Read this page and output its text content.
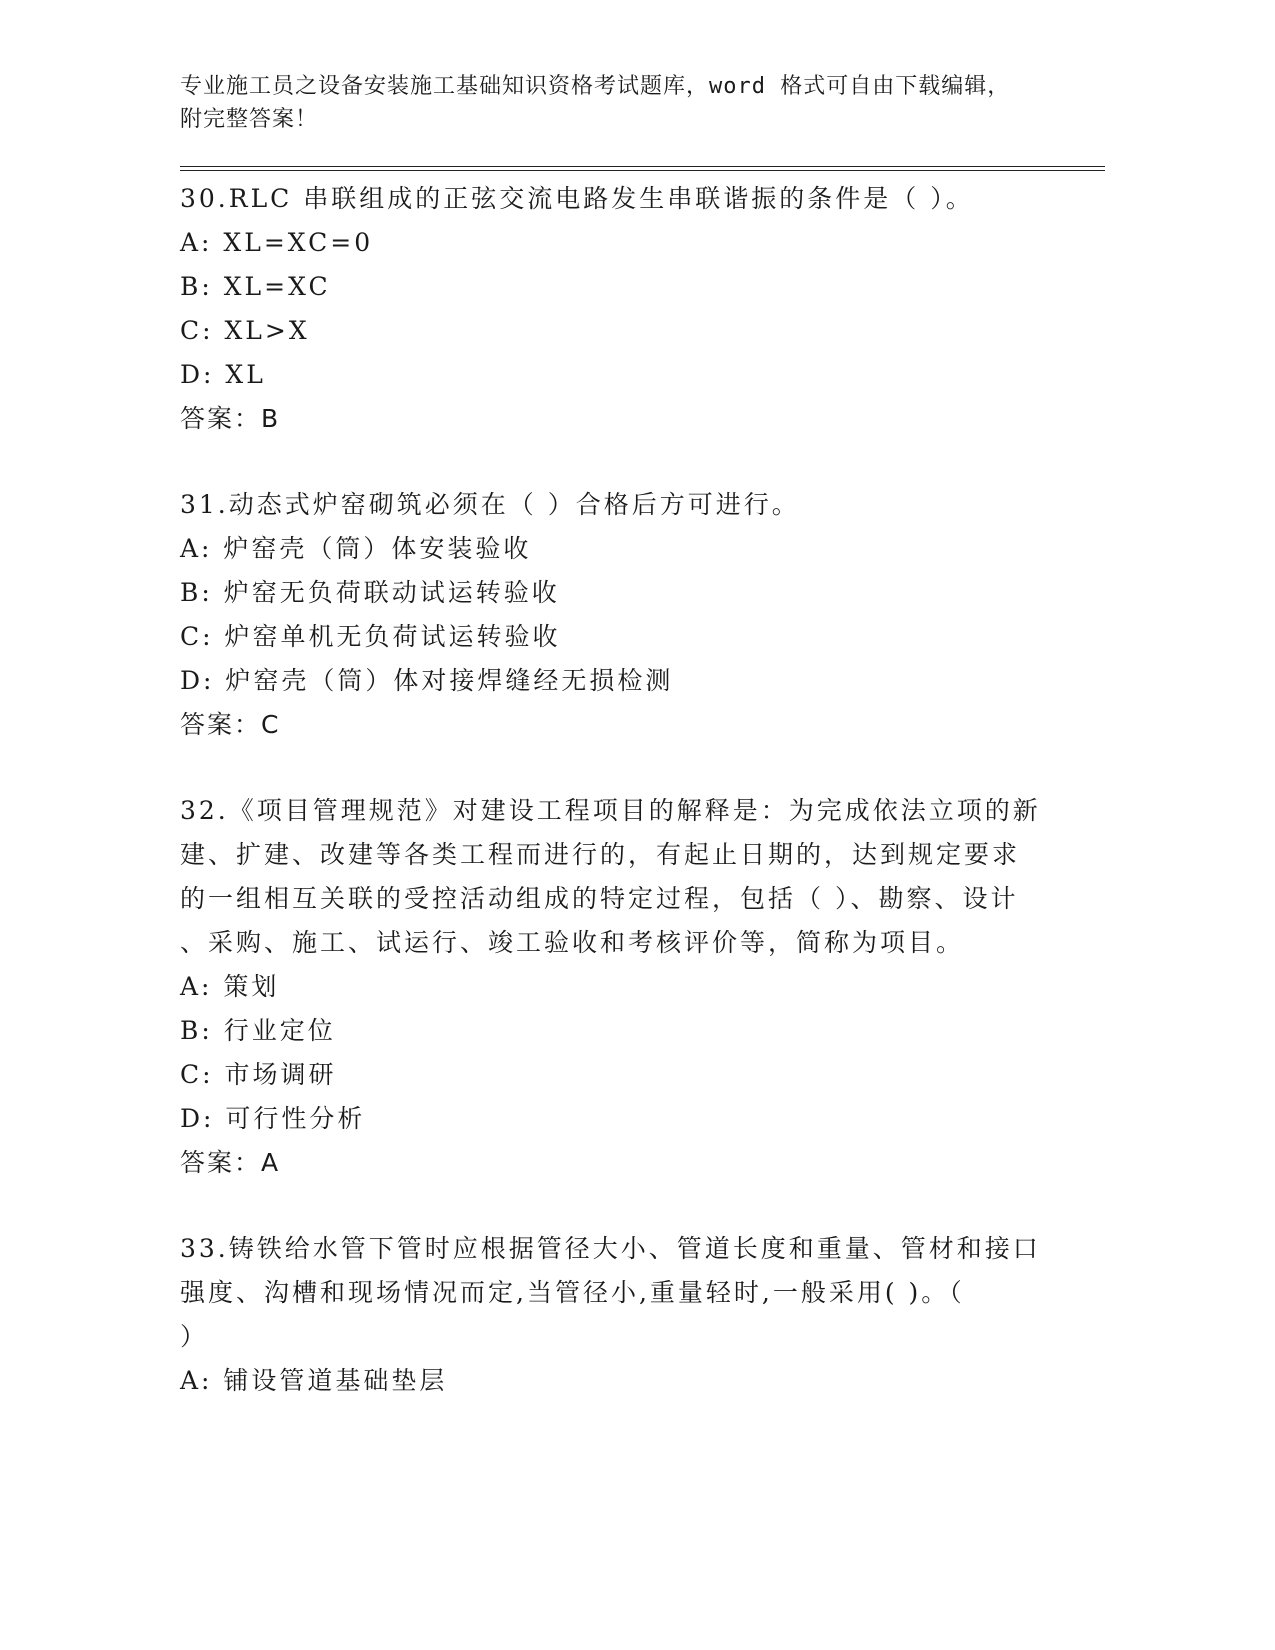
专业施工员之设备安装施工基础知识资格考试题库，word 格式可自由下载编辑，

附完整答案！

30.RLC 串联组成的正弦交流电路发生串联谐振的条件是（ ）。

A: XL=XC=0

B: XL=XC

C: XL>X

D: XL

答案：B

31.动态式炉窑砌筑必须在（ ）合格后方可进行。

A: 炉窑壳（筒）体安装验收

B: 炉窑无负荷联动试运转验收

C: 炉窑单机无负荷试运转验收

D: 炉窑壳（筒）体对接焊缝经无损检测

答案：C

32.《项目管理规范》对建设工程项目的解释是：为完成依法立项的新

建、扩建、改建等各类工程而进行的，有起止日期的，达到规定要求

的一组相互关联的受控活动组成的特定过程，包括（ ）、勘察、设计

、采购、施工、试运行、竣工验收和考核评价等，简称为项目。

A: 策划

B: 行业定位

C: 市场调研

D: 可行性分析

答案：A

33.铸铁给水管下管时应根据管径大小、管道长度和重量、管材和接口

强度、沟槽和现场情况而定,当管径小,重量轻时,一般采用( )。（

）

A: 铺设管道基础垫层
